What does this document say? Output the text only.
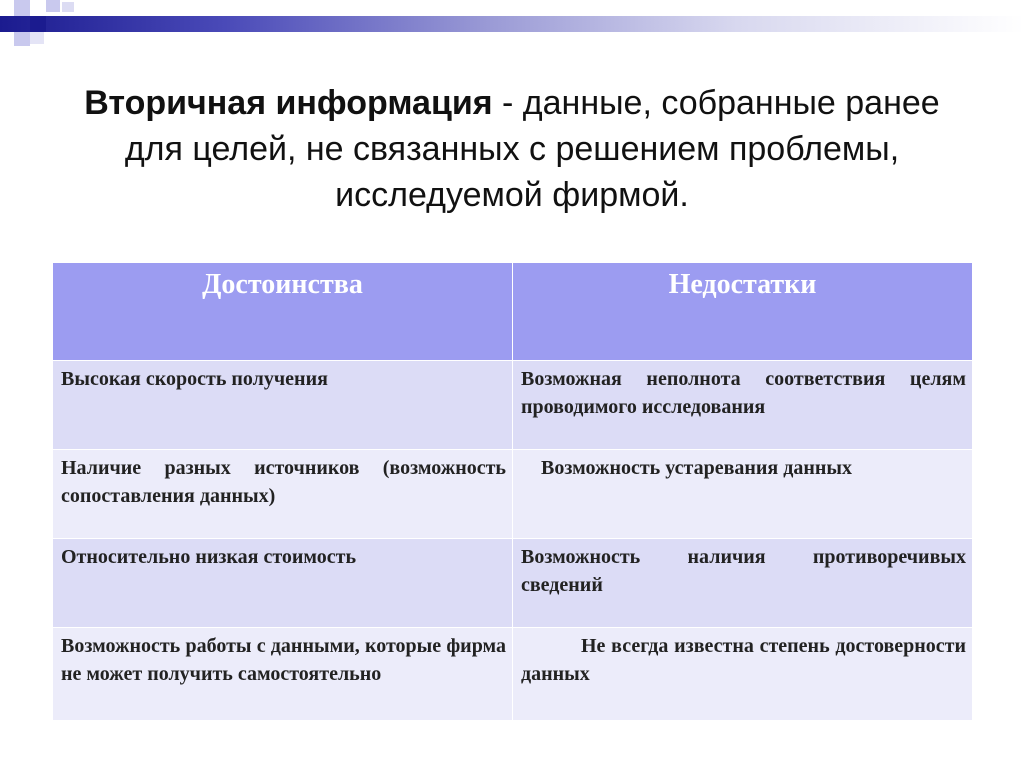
Вторичная информация - данные, собранные ранее для целей, не связанных с решением проблемы, исследуемой фирмой.
Достоинства	Недостатки
Высокая скорость получения	Возможная неполнота соответствия целям проводимого исследования
Наличие разных источников (возможность сопоставления данных)	Возможность устаревания данных
Относительно низкая стоимость	Возможность наличия противоречивых сведений
Возможность работы с данными, которые фирма не может получить самостоятельно	Не всегда известна степень достоверности данных
